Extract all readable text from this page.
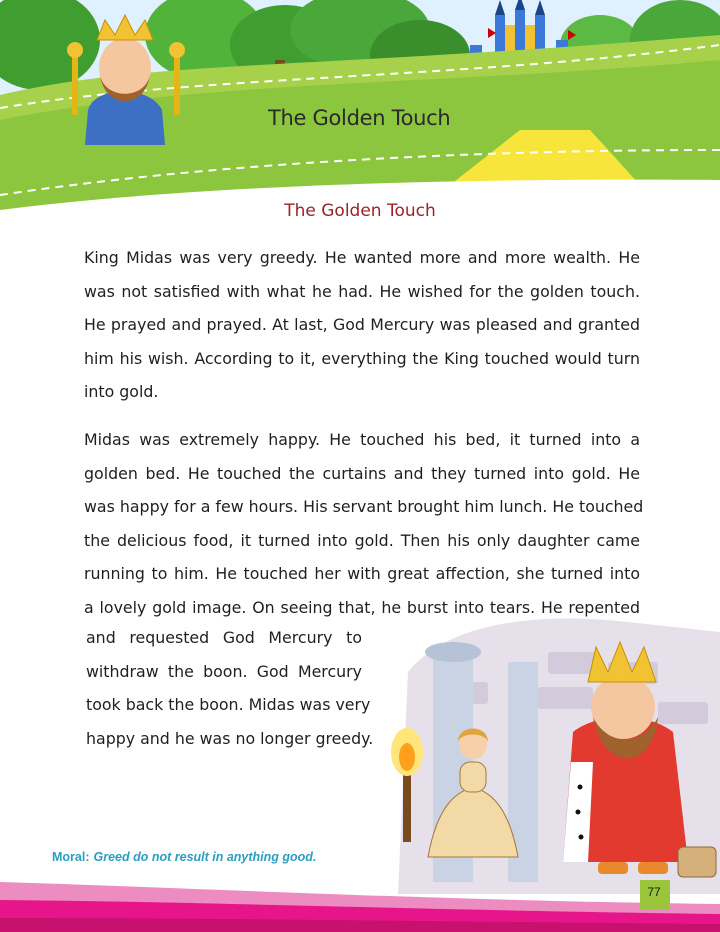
The Golden Touch
The Golden Touch
King Midas was very greedy. He wanted more and more wealth. He
was not satisfied with what he had. He wished for the golden touch.
He prayed and prayed. At last, God Mercury was pleased and granted
him his wish. According to it, everything the King touched would turn
into gold.
Midas was extremely happy. He touched his bed, it turned into a
golden bed. He touched the curtains and they turned into gold. He
was happy for a few hours. His servant brought him lunch. He touched
the delicious food, it turned into gold. Then his only daughter came
running to him. He touched her with great affection, she turned into
a lovely gold image. On seeing that, he burst into tears. He repented
and requested God Mercury to
withdraw the boon. God Mercury
took back the boon. Midas was very
happy and he was no longer greedy.
Moral: Greed do not result in anything good.
77
